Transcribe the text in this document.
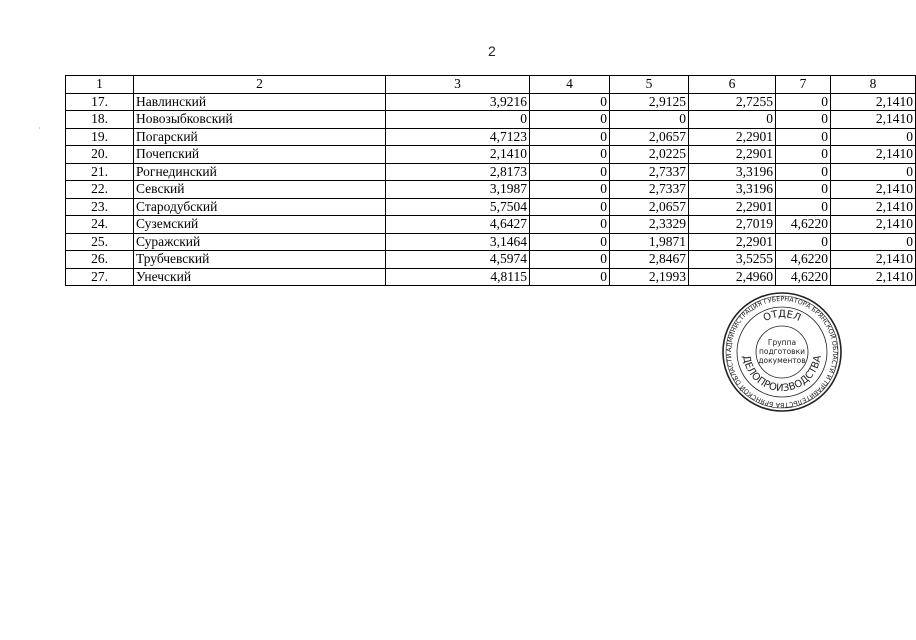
2
·
1	2	3	4	5	6	7	8
17.	Навлинский	3,9216	0	2,9125	2,7255	0	2,1410
18.	Новозыбковский	0	0	0	0	0	2,1410
19.	Погарский	4,7123	0	2,0657	2,2901	0	0
20.	Почепский	2,1410	0	2,0225	2,2901	0	2,1410
21.	Рогнединский	2,8173	0	2,7337	3,3196	0	0
22.	Севский	3,1987	0	2,7337	3,3196	0	2,1410
23.	Стародубский	5,7504	0	2,0657	2,2901	0	2,1410
24.	Суземский	4,6427	0	2,3329	2,7019	4,6220	2,1410
25.	Суражский	3,1464	0	1,9871	2,2901	0	0
26.	Трубчевский	4,5974	0	2,8467	3,5255	4,6220	2,1410
27.	Унечский	4,8115	0	2,1993	2,4960	4,6220	2,1410
АДМИНИСТРАЦИЯ ГУБЕРНАТОРА БРЯНСКОЙ ОБЛАСТИ И ПРАВИТЕЛЬСТВА БРЯНСКОЙ ОБЛАСТИ
ОТДЕЛ
ДЕЛОПРОИЗВОДСТВА
Группа
подготовки
документов
